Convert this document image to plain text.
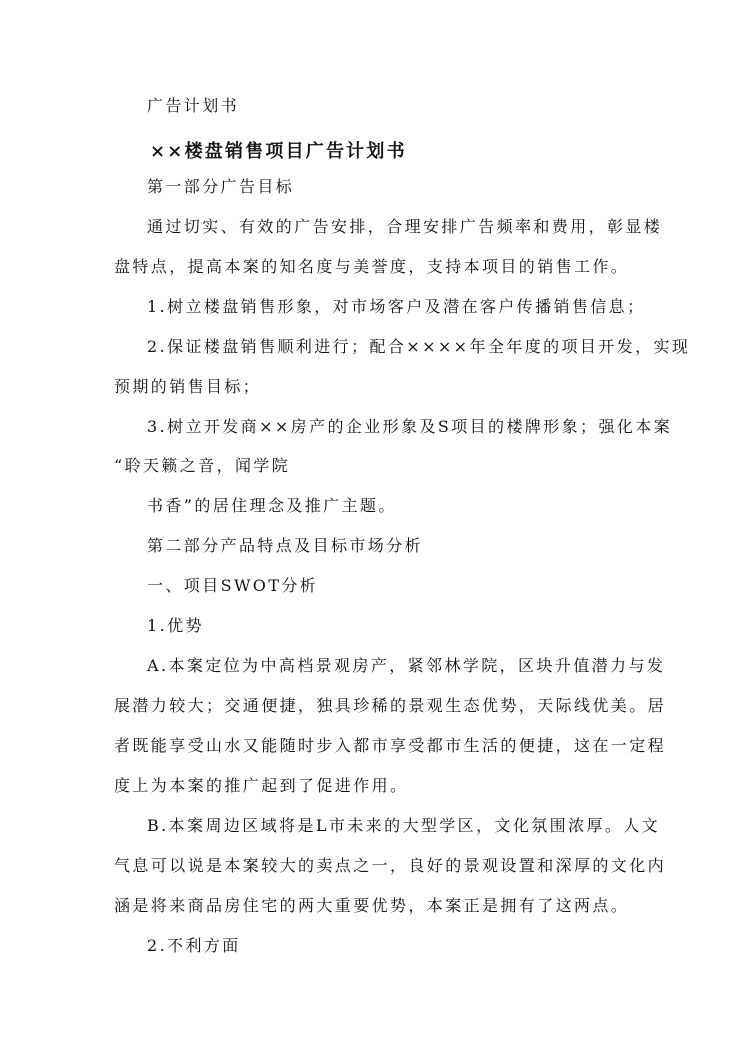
广告计划书
××楼盘销售项目广告计划书
第一部分广告目标
通过切实、有效的广告安排，合理安排广告频率和费用，彰显楼
盘特点，提高本案的知名度与美誉度，支持本项目的销售工作。
1.树立楼盘销售形象，对市场客户及潜在客户传播销售信息；
2.保证楼盘销售顺利进行；配合××××年全年度的项目开发，实现
预期的销售目标；
3.树立开发商××房产的企业形象及S项目的楼牌形象；强化本案
“聆天籁之音，闻学院
书香”的居住理念及推广主题。
第二部分产品特点及目标市场分析
一、项目SWOT分析
1.优势
A.本案定位为中高档景观房产，紧邻林学院，区块升值潜力与发
展潜力较大；交通便捷，独具珍稀的景观生态优势，天际线优美。居
者既能享受山水又能随时步入都市享受都市生活的便捷，这在一定程
度上为本案的推广起到了促进作用。
B.本案周边区域将是L市未来的大型学区，文化氛围浓厚。人文
气息可以说是本案较大的卖点之一，良好的景观设置和深厚的文化内
涵是将来商品房住宅的两大重要优势，本案正是拥有了这两点。
2.不利方面
